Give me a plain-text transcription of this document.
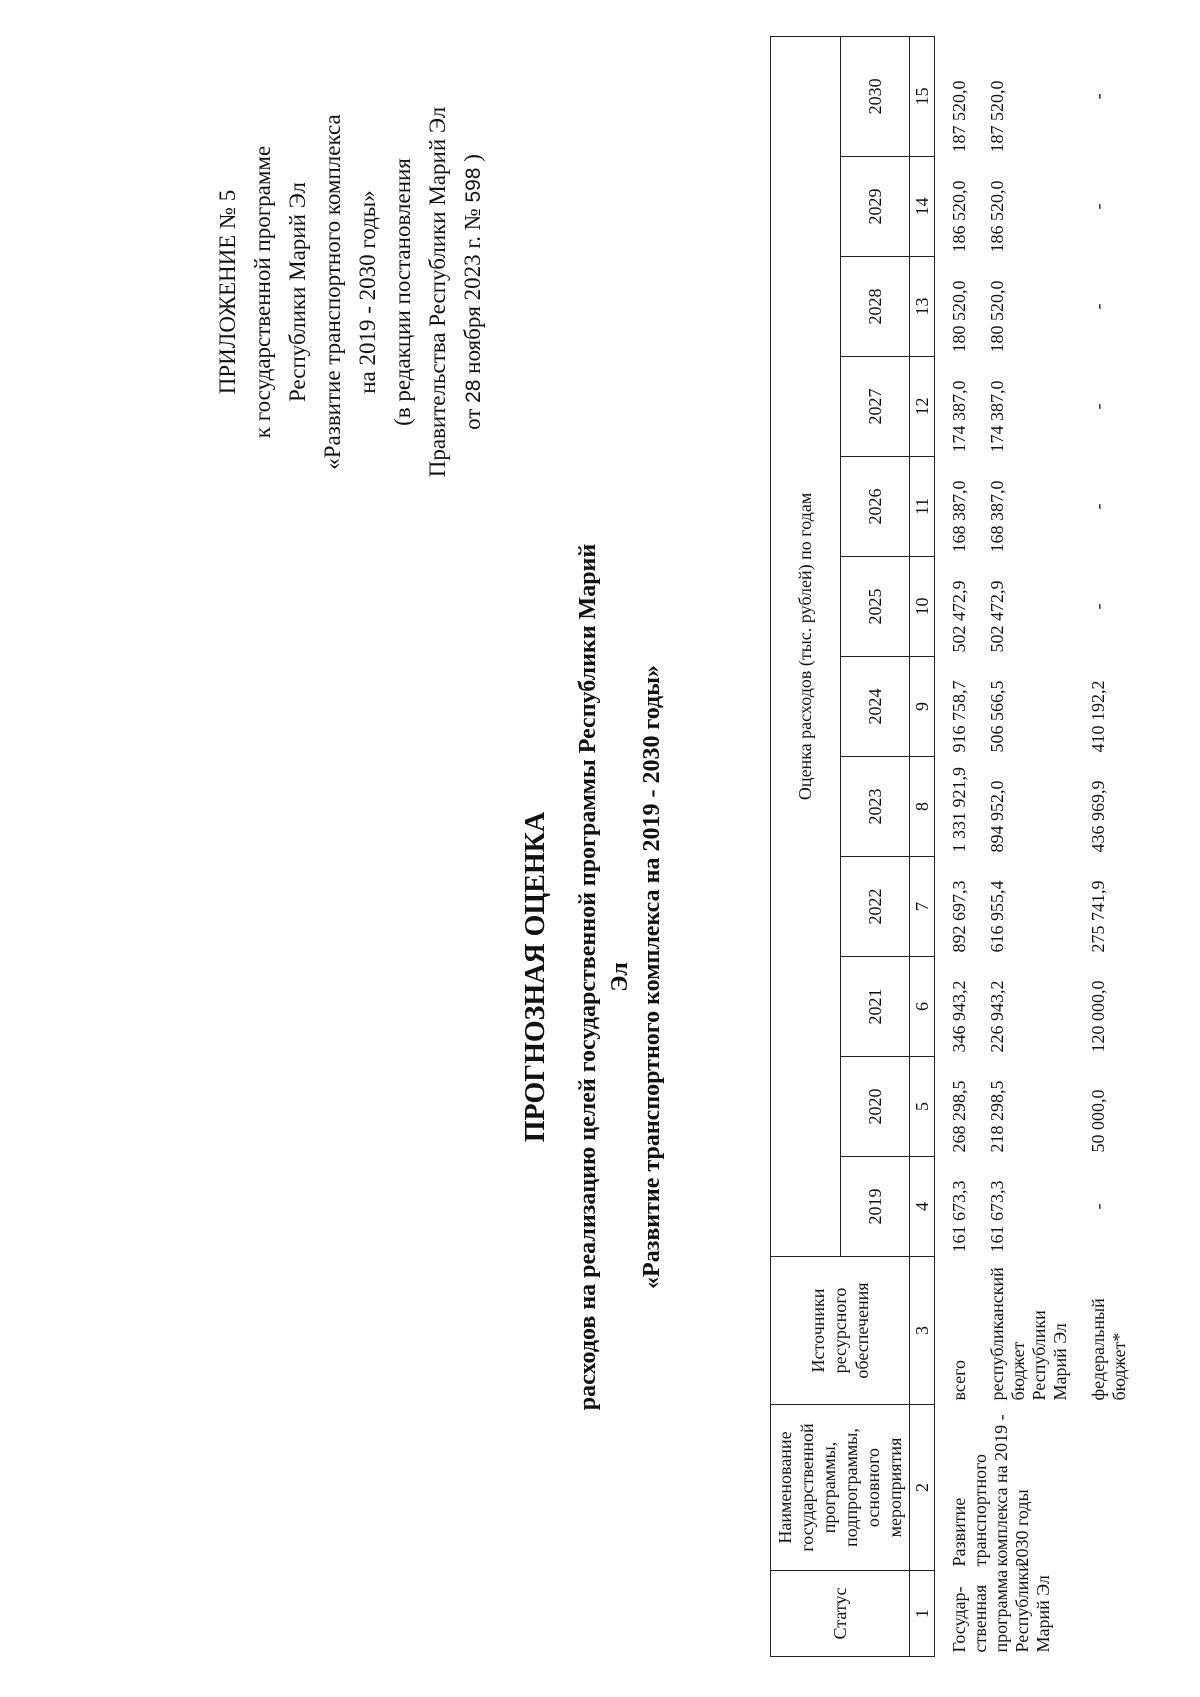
ПРИЛОЖЕНИЕ № 5 к государственной программе Республики Марий Эл «Развитие транспортного комплекса на 2019 - 2030 годы» (в редакции постановления Правительства Республики Марий Эл от 28 ноября 2023 г. № 598 )
ПРОГНОЗНАЯ ОЦЕНКА расходов на реализацию целей государственной программы Республики Марий Эл «Развитие транспортного комплекса на 2019 - 2030 годы»
Статус	Наименование государственной программы, подпрограммы, основного мероприятия	Источники ресурсного обеспечения	Оценка расходов (тыс. рублей) по годам											
			2019	2020	2021	2022	2023	2024	2025	2026	2027	2028	2029	2030
1	2	3	4	5	6	7	8	9	10	11	12	13	14	15
Государ-ственная программа Республики Марий Эл	Развитие транспортного комплекса на 2019 - 2030 годы	всего	161 673,3	268 298,5	346 943,2	892 697,3	1 331 921,9	916 758,7	502 472,9	168 387,0	174 387,0	180 520,0	186 520,0	187 520,0
		республиканский бюджет Республики Марий Эл	161 673,3	218 298,5	226 943,2	616 955,4	894 952,0	506 566,5	502 472,9	168 387,0	174 387,0	180 520,0	186 520,0	187 520,0
		федеральный бюджет*	-	50 000,0	120 000,0	275 741,9	436 969,9	410 192,2	-	-	-	-	-	-
